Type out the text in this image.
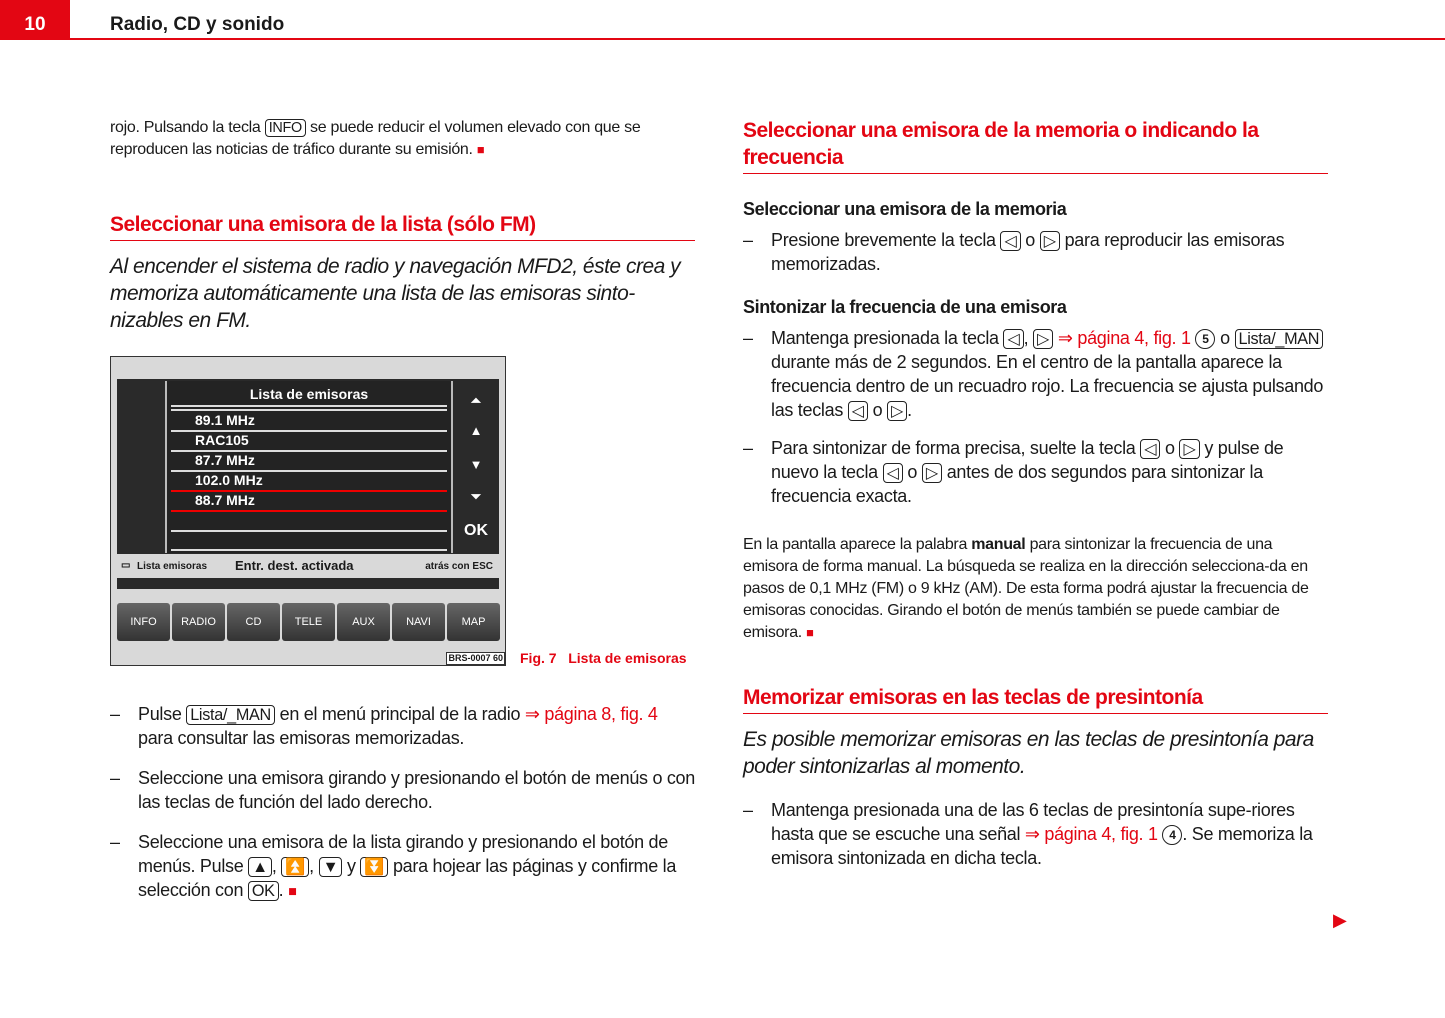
10	Radio, CD y sonido
rojo. Pulsando la tecla INFO se puede reducir el volumen elevado con que se reproducen las noticias de tráfico durante su emisión. ■
Seleccionar una emisora de la lista (sólo FM)
Al encender el sistema de radio y navegación MFD2, éste crea y memoriza automáticamente una lista de las emisoras sinto-nizables en FM.
Lista de emisoras
89.1 MHz
RAC105
87.7 MHz
102.0 MHz
88.7 MHz
⏶
▲
▼
⏷
OK
▭ Lista emisoras Entr. dest. activada	atrás con ESC
INFO	RADIO	CD	TELE	AUX	NAVI	MAP
BRS-0007 60 Fig. 7 Lista de emisoras
– Pulse Lista/_MAN en el menú principal de la radio ⇒ página 8, fig. 4 para consultar las emisoras memorizadas.
– Seleccione una emisora girando y presionando el botón de menús o con las teclas de función del lado derecho.
– Seleccione una emisora de la lista girando y presionando el botón de menús. Pulse ▲ , ⏫ , ▼ y ⏬ para hojear las páginas y confirme la selección con OK . ■
Seleccionar una emisora de la memoria o indicando la frecuencia
Seleccionar una emisora de la memoria
– Presione brevemente la tecla ◁ o ▷ para reproducir las emisoras memorizadas.
Sintonizar la frecuencia de una emisora
– Mantenga presionada la tecla ◁ , ▷ ⇒ página 4, fig. 1 5 o Lista/_MAN durante más de 2 segundos. En el centro de la pantalla aparece la frecuencia dentro de un recuadro rojo. La frecuencia se ajusta pulsando las teclas ◁ o ▷ .
– Para sintonizar de forma precisa, suelte la tecla ◁ o ▷ y pulse de nuevo la tecla ◁ o ▷ antes de dos segundos para sintonizar la frecuencia exacta.
En la pantalla aparece la palabra manual para sintonizar la frecuencia de una emisora de forma manual. La búsqueda se realiza en la dirección selecciona-da en pasos de 0,1 MHz (FM) o 9 kHz (AM). De esta forma podrá ajustar la frecuencia de emisoras conocidas. Girando el botón de menús también se puede cambiar de emisora. ■
Memorizar emisoras en las teclas de presintonía
Es posible memorizar emisoras en las teclas de presintonía para poder sintonizarlas al momento.
– Mantenga presionada una de las 6 teclas de presintonía supe-riores hasta que se escuche una señal ⇒ página 4, fig. 1 4 . Se memoriza la emisora sintonizada en dicha tecla.
▶
